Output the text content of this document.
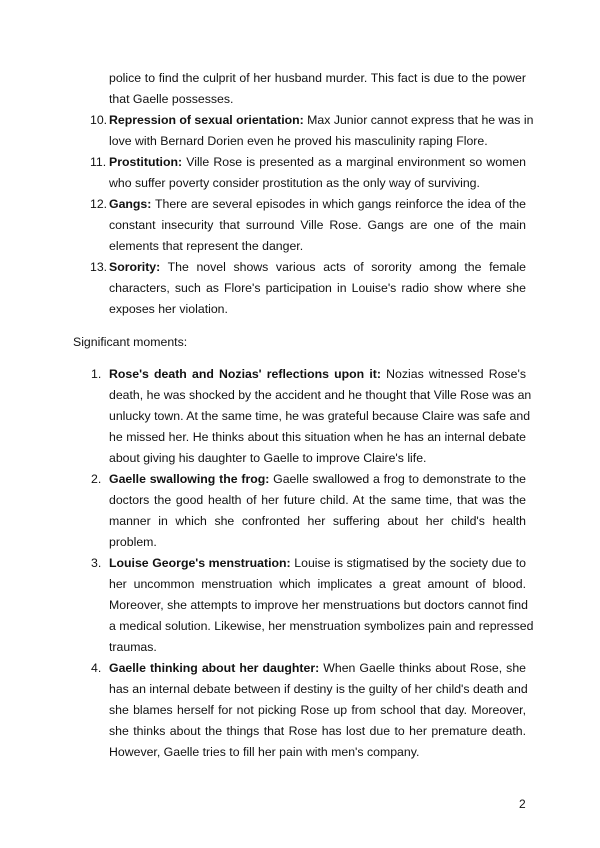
police to find the culprit of her husband murder. This fact is due to the power
that Gaelle possesses.
10. Repression of sexual orientation: Max Junior cannot express that he was in
love with Bernard Dorien even he proved his masculinity raping Flore.
11. Prostitution: Ville Rose is presented as a marginal environment so women
who suffer poverty consider prostitution as the only way of surviving.
12. Gangs: There are several episodes in which gangs reinforce the idea of the
constant insecurity that surround Ville Rose. Gangs are one of the main
elements that represent the danger.
13. Sorority: The novel shows various acts of sorority among the female
characters, such as Flore's participation in Louise's radio show where she
exposes her violation.
Significant moments:
1. Rose's death and Nozias' reflections upon it: Nozias witnessed Rose's
death, he was shocked by the accident and he thought that Ville Rose was an
unlucky town. At the same time, he was grateful because Claire was safe and
he missed her. He thinks about this situation when he has an internal debate
about giving his daughter to Gaelle to improve Claire's life.
2. Gaelle swallowing the frog: Gaelle swallowed a frog to demonstrate to the
doctors the good health of her future child. At the same time, that was the
manner in which she confronted her suffering about her child's health
problem.
3. Louise George's menstruation: Louise is stigmatised by the society due to
her uncommon menstruation which implicates a great amount of blood.
Moreover, she attempts to improve her menstruations but doctors cannot find
a medical solution. Likewise, her menstruation symbolizes pain and repressed
traumas.
4. Gaelle thinking about her daughter: When Gaelle thinks about Rose, she
has an internal debate between if destiny is the guilty of her child's death and
she blames herself for not picking Rose up from school that day. Moreover,
she thinks about the things that Rose has lost due to her premature death.
However, Gaelle tries to fill her pain with men's company.
2
